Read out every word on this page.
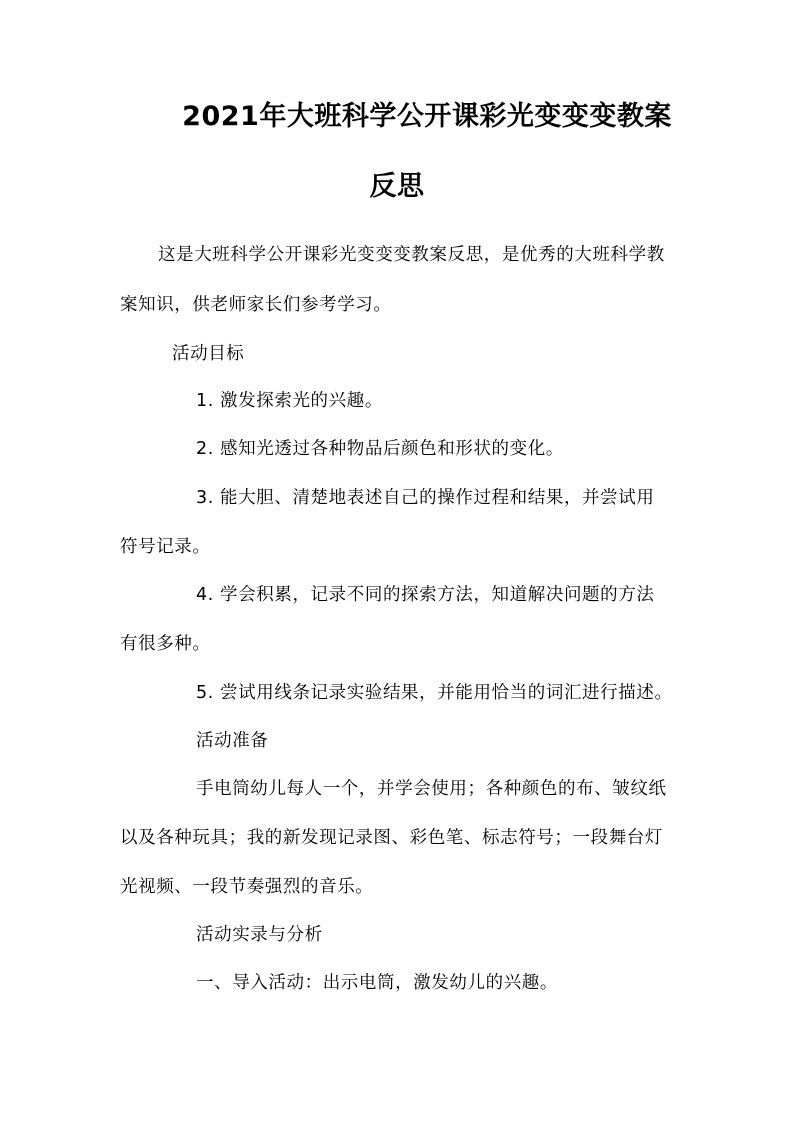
2021年大班科学公开课彩光变变变教案
反思
这是大班科学公开课彩光变变变教案反思，是优秀的大班科学教
案知识，供老师家长们参考学习。
活动目标
1. 激发探索光的兴趣。
2. 感知光透过各种物品后颜色和形状的变化。
3. 能大胆、清楚地表述自己的操作过程和结果，并尝试用
符号记录。
4. 学会积累，记录不同的探索方法，知道解决问题的方法
有很多种。
5. 尝试用线条记录实验结果，并能用恰当的词汇进行描述。
活动准备
手电筒幼儿每人一个，并学会使用；各种颜色的布、皱纹纸
以及各种玩具；我的新发现记录图、彩色笔、标志符号；一段舞台灯
光视频、一段节奏强烈的音乐。
活动实录与分析
一、导入活动：出示电筒，激发幼儿的兴趣。
